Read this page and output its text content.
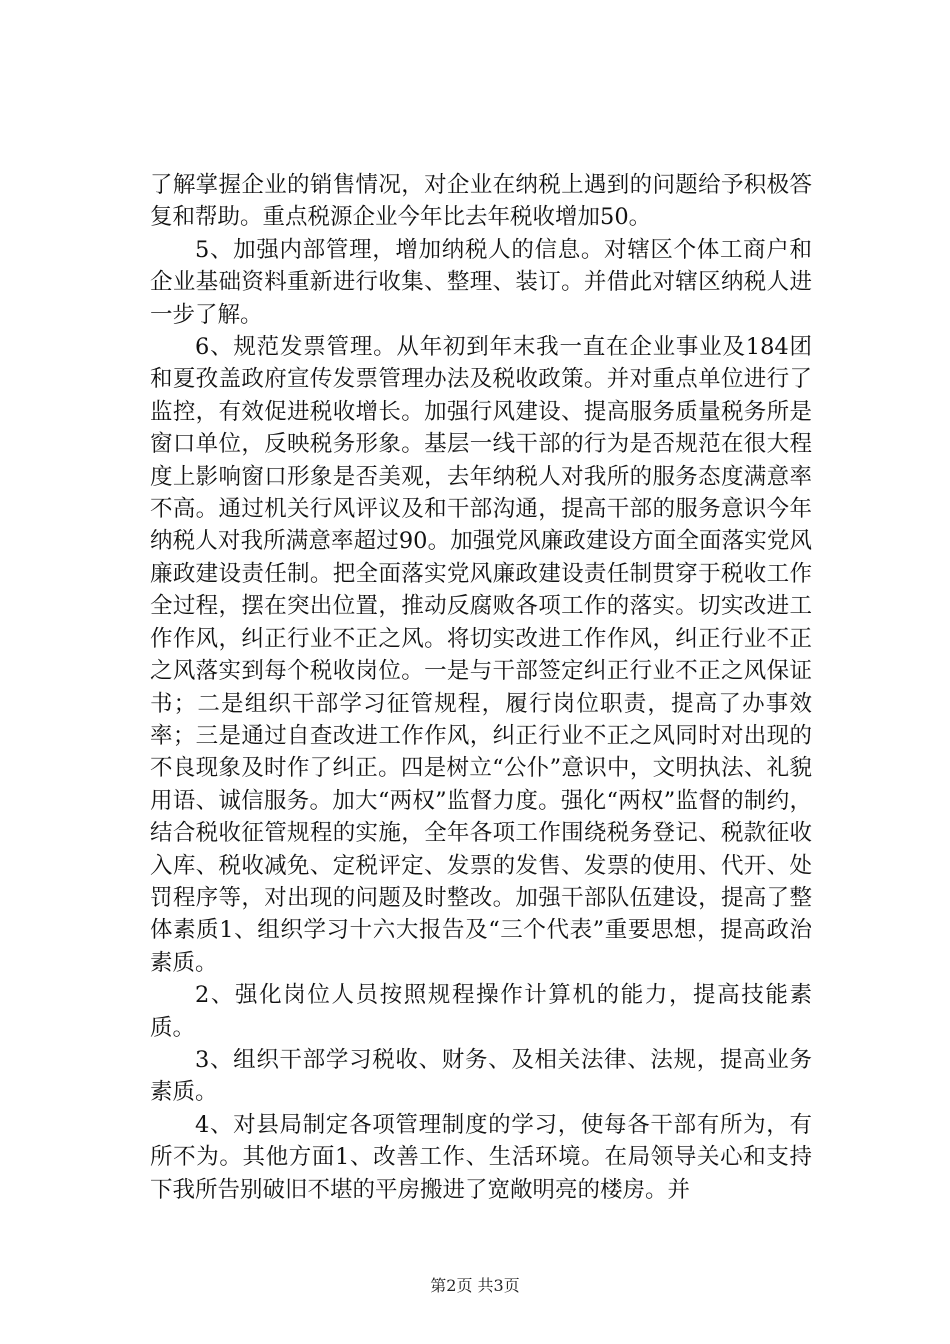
了解掌握企业的销售情况，对企业在纳税上遇到的问题给予积极答复和帮助。重点税源企业今年比去年税收增加50。

5、加强内部管理，增加纳税人的信息。对辖区个体工商户和企业基础资料重新进行收集、整理、装订。并借此对辖区纳税人进一步了解。

6、规范发票管理。从年初到年末我一直在企业事业及184团和夏孜盖政府宣传发票管理办法及税收政策。并对重点单位进行了监控，有效促进税收增长。加强行风建设、提高服务质量税务所是窗口单位，反映税务形象。基层一线干部的行为是否规范在很大程度上影响窗口形象是否美观，去年纳税人对我所的服务态度满意率不高。通过机关行风评议及和干部沟通，提高干部的服务意识今年纳税人对我所满意率超过90。加强党风廉政建设方面全面落实党风廉政建设责任制。把全面落实党风廉政建设责任制贯穿于税收工作全过程，摆在突出位置，推动反腐败各项工作的落实。切实改进工作作风，纠正行业不正之风。将切实改进工作作风，纠正行业不正之风落实到每个税收岗位。一是与干部签定纠正行业不正之风保证书；二是组织干部学习征管规程，履行岗位职责，提高了办事效率；三是通过自查改进工作作风，纠正行业不正之风同时对出现的不良现象及时作了纠正。四是树立“公仆”意识中，文明执法、礼貌用语、诚信服务。加大“两权”监督力度。强化“两权”监督的制约，结合税收征管规程的实施，全年各项工作围绕税务登记、税款征收入库、税收减免、定税评定、发票的发售、发票的使用、代开、处罚程序等，对出现的问题及时整改。加强干部队伍建设，提高了整体素质1、组织学习十六大报告及“三个代表”重要思想，提高政治素质。

2、强化岗位人员按照规程操作计算机的能力，提高技能素质。

3、组织干部学习税收、财务、及相关法律、法规，提高业务素质。

4、对县局制定各项管理制度的学习，使每各干部有所为，有所不为。其他方面1、改善工作、生活环境。在局领导关心和支持下我所告别破旧不堪的平房搬进了宽敞明亮的楼房。并

第2页 共3页
